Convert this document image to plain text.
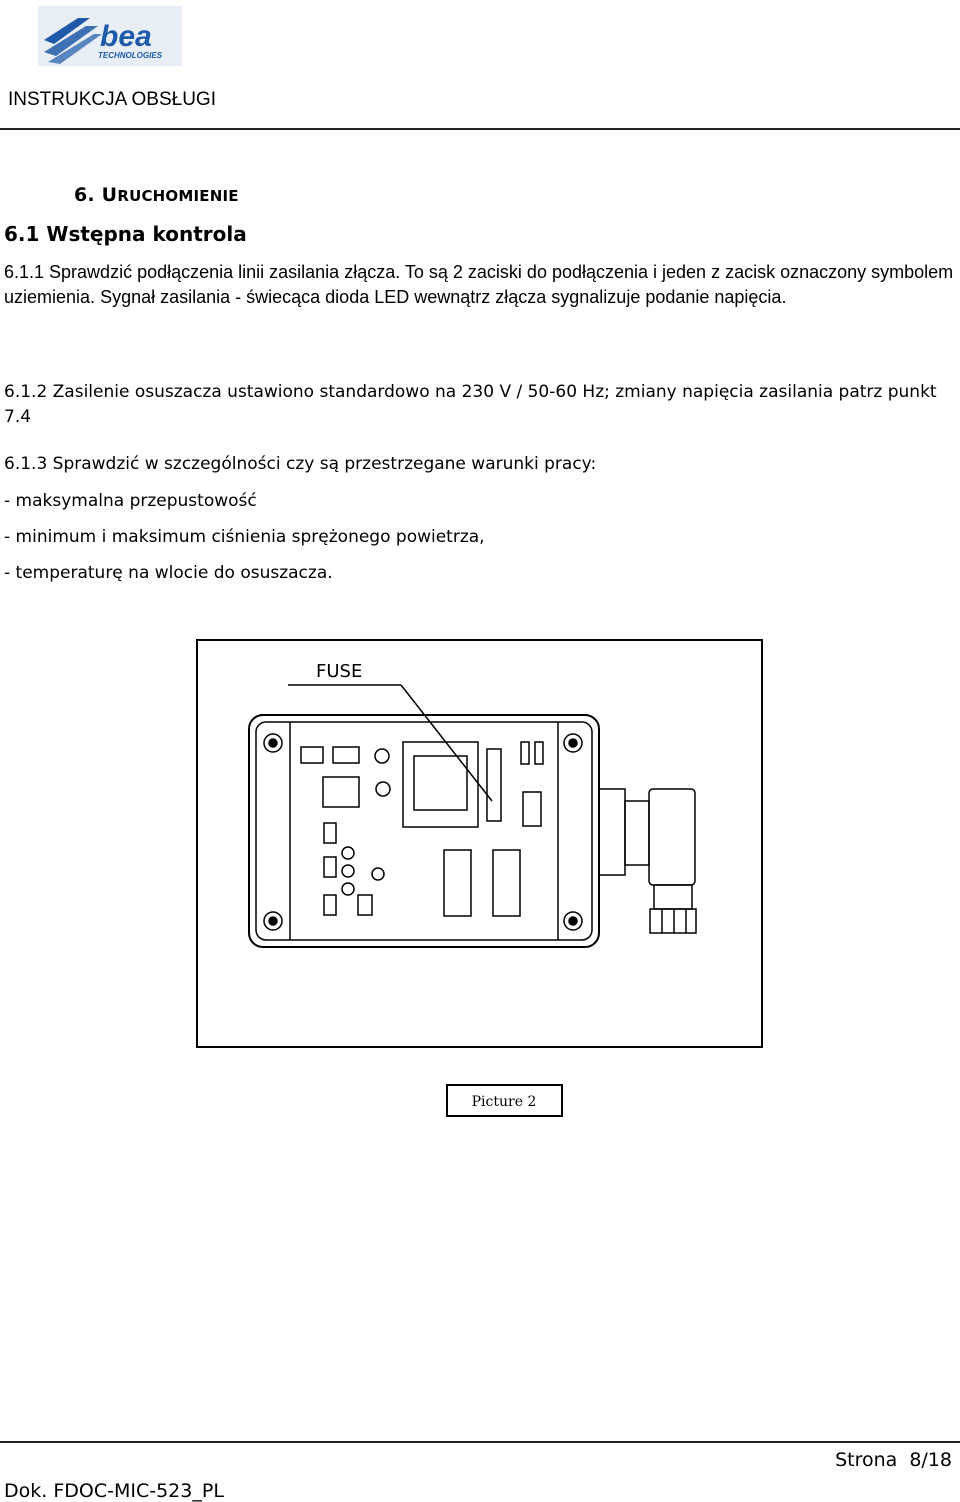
bea
TECHNOLOGIES
INSTRUKCJA OBSŁUGI
6. URUCHOMIENIE
6.1 Wstępna kontrola
6.1.1 Sprawdzić podłączenia linii zasilania złącza. To są 2 zaciski do podłączenia i jeden z zacisk oznaczony symbolem uziemienia. Sygnał zasilania - świecąca dioda LED wewnątrz złącza sygnalizuje podanie napięcia.
6.1.2 Zasilenie osuszacza ustawiono standardowo na 230 V / 50-60 Hz; zmiany napięcia zasilania patrz punkt 7.4
6.1.3 Sprawdzić w szczególności czy są przestrzegane warunki pracy:
- maksymalna przepustowość
- minimum i maksimum ciśnienia sprężonego powietrza,
- temperaturę na wlocie do osuszacza.
FUSE
Picture 2
Strona 8/18
Dok. FDOC-MIC-523_PL
